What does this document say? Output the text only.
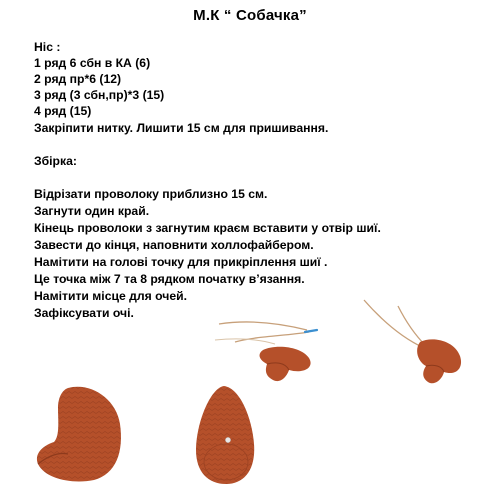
М.К “ Собачка”
Ніс :
1 ряд 6 сбн в КА (6)
2 ряд пр*6 (12)
3 ряд (3 сбн,пр)*3 (15)
4 ряд (15)
Закріпити нитку. Лишити 15 см для пришивання.
Збірка:
Відрізати проволоку приблизно 15 см.
Загнути один край.
Кінець проволоки з загнутим краєм вставити у отвір шиї.
Завести до кінця, наповнити холлофайбером.
Намітити на голові точку для прикріплення шиї .
Це точка між 7 та 8 рядком початку в’язання.
Намітити місце для очей.
Зафіксувати очі.
